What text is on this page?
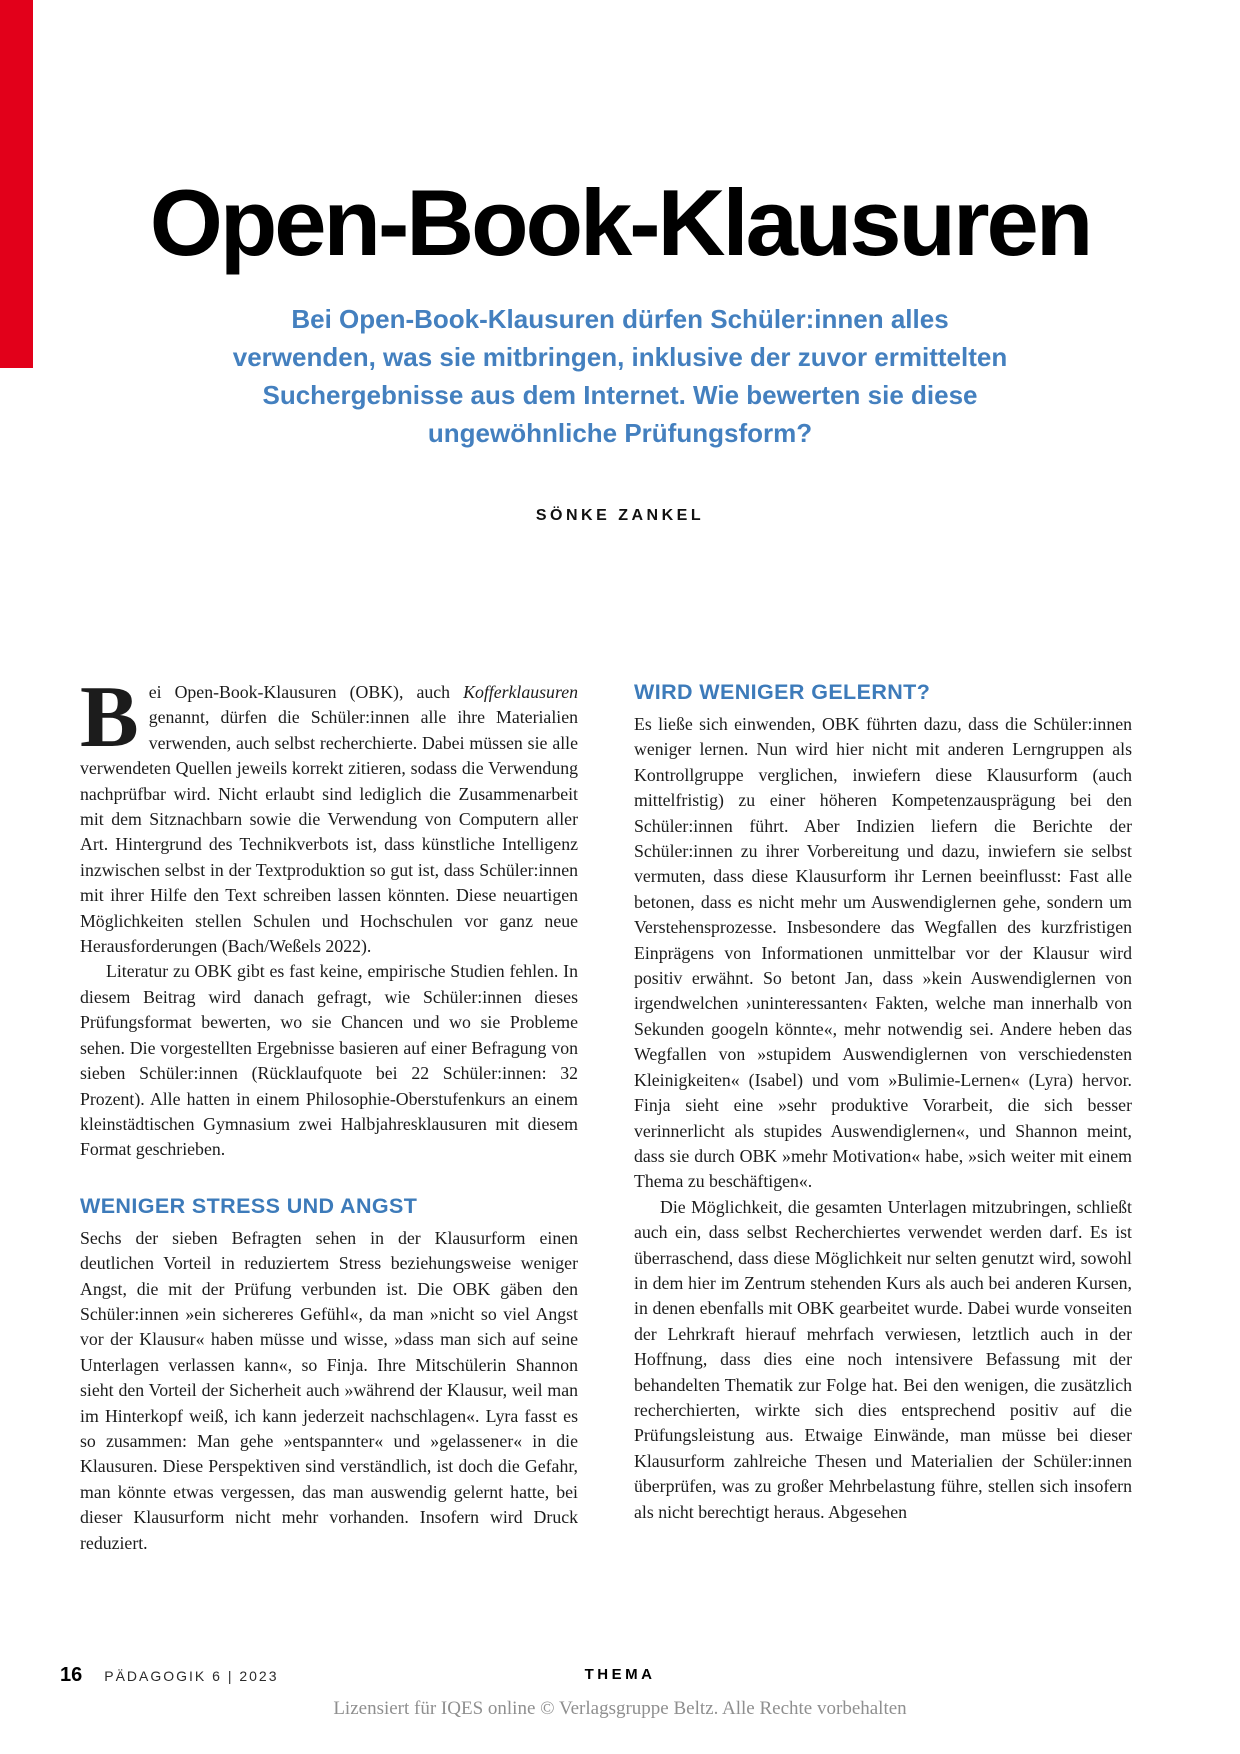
Open-Book-Klausuren
Bei Open-Book-Klausuren dürfen Schüler:innen alles
verwenden, was sie mitbringen, inklusive der zuvor ermittelten
Suchergebnisse aus dem Internet. Wie bewerten sie diese
ungewöhnliche Prüfungsform?
SÖNKE ZANKEL

Bei Open-Book-Klausuren (OBK), auch Kofferklausuren genannt, dürfen die Schüler:innen alle ihre Materialien verwenden, auch selbst recherchierte. Dabei müssen sie alle verwendeten Quellen jeweils korrekt zitieren, sodass die Verwendung nachprüfbar wird. Nicht erlaubt sind lediglich die Zusammenarbeit mit dem Sitznachbarn sowie die Verwendung von Computern aller Art. Hintergrund des Technikverbots ist, dass künstliche Intelligenz inzwischen selbst in der Textproduktion so gut ist, dass Schüler:innen mit ihrer Hilfe den Text schreiben lassen könnten. Diese neuartigen Möglichkeiten stellen Schulen und Hochschulen vor ganz neue Herausforderungen (Bach/Weßels 2022).

Literatur zu OBK gibt es fast keine, empirische Studien fehlen. In diesem Beitrag wird danach gefragt, wie Schüler:innen dieses Prüfungsformat bewerten, wo sie Chancen und wo sie Probleme sehen. Die vorgestellten Ergebnisse basieren auf einer Befragung von sieben Schüler:innen (Rücklaufquote bei 22 Schüler:innen: 32 Prozent). Alle hatten in einem Philosophie-Oberstufenkurs an einem kleinstädtischen Gymnasium zwei Halbjahresklausuren mit diesem Format geschrieben.

WENIGER STRESS UND ANGST

Sechs der sieben Befragten sehen in der Klausurform einen deutlichen Vorteil in reduziertem Stress beziehungsweise weniger Angst, die mit der Prüfung verbunden ist. Die OBK gäben den Schüler:innen »ein sichereres Gefühl«, da man »nicht so viel Angst vor der Klausur« haben müsse und wisse, »dass man sich auf seine Unterlagen verlassen kann«, so Finja. Ihre Mitschülerin Shannon sieht den Vorteil der Sicherheit auch »während der Klausur, weil man im Hinterkopf weiß, ich kann jederzeit nachschlagen«. Lyra fasst es so zusammen: Man gehe »entspannter« und »gelassener« in die Klausuren. Diese Perspektiven sind verständlich, ist doch die Gefahr, man könnte etwas vergessen, das man auswendig gelernt hatte, bei dieser Klausurform nicht mehr vorhanden. Insofern wird Druck reduziert.

WIRD WENIGER GELERNT?

Es ließe sich einwenden, OBK führten dazu, dass die Schüler:innen weniger lernen. Nun wird hier nicht mit anderen Lerngruppen als Kontrollgruppe verglichen, inwiefern diese Klausurform (auch mittelfristig) zu einer höheren Kompetenzausprägung bei den Schüler:innen führt. Aber Indizien liefern die Berichte der Schüler:innen zu ihrer Vorbereitung und dazu, inwiefern sie selbst vermuten, dass diese Klausurform ihr Lernen beeinflusst: Fast alle betonen, dass es nicht mehr um Auswendiglernen gehe, sondern um Verstehensprozesse. Insbesondere das Wegfallen des kurzfristigen Einprägens von Informationen unmittelbar vor der Klausur wird positiv erwähnt. So betont Jan, dass »kein Auswendiglernen von irgendwelchen ›uninteressanten‹ Fakten, welche man innerhalb von Sekunden googeln könnte«, mehr notwendig sei. Andere heben das Wegfallen von »stupidem Auswendiglernen von verschiedensten Kleinigkeiten« (Isabel) und vom »Bulimie-Lernen« (Lyra) hervor. Finja sieht eine »sehr produktive Vorarbeit, die sich besser verinnerlicht als stupides Auswendiglernen«, und Shannon meint, dass sie durch OBK »mehr Motivation« habe, »sich weiter mit einem Thema zu beschäftigen«.

Die Möglichkeit, die gesamten Unterlagen mitzubringen, schließt auch ein, dass selbst Recherchiertes verwendet werden darf. Es ist überraschend, dass diese Möglichkeit nur selten genutzt wird, sowohl in dem hier im Zentrum stehenden Kurs als auch bei anderen Kursen, in denen ebenfalls mit OBK gearbeitet wurde. Dabei wurde vonseiten der Lehrkraft hierauf mehrfach verwiesen, letztlich auch in der Hoffnung, dass dies eine noch intensivere Befassung mit der behandelten Thematik zur Folge hat. Bei den wenigen, die zusätzlich recherchierten, wirkte sich dies entsprechend positiv auf die Prüfungsleistung aus. Etwaige Einwände, man müsse bei dieser Klausurform zahlreiche Thesen und Materialien der Schüler:innen überprüfen, was zu großer Mehrbelastung führe, stellen sich insofern als nicht berechtigt heraus. Abgesehen

16 PÄDAGOGIK 6 | 2023	THEMA
Lizensiert für IQES online © Verlagsgruppe Beltz. Alle Rechte vorbehalten
